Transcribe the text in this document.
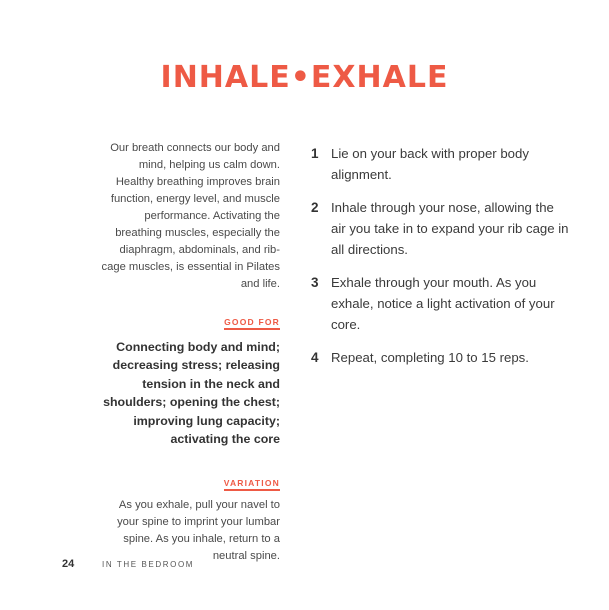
INHALE•EXHALE

Our breath connects our body and mind, helping us calm down. Healthy breathing improves brain function, energy level, and muscle performance. Activating the breathing muscles, especially the diaphragm, abdominals, and rib-cage muscles, is essential in Pilates and life.

GOOD FOR

Connecting body and mind; decreasing stress; releasing tension in the neck and shoulders; opening the chest; improving lung capacity; activating the core

VARIATION

As you exhale, pull your navel to your spine to imprint your lumbar spine. As you inhale, return to a neutral spine.

1 Lie on your back with proper body alignment.
2 Inhale through your nose, allowing the air you take in to expand your rib cage in all directions.
3 Exhale through your mouth. As you exhale, notice a light activation of your core.
4 Repeat, completing 10 to 15 reps.
24	IN THE BEDROOM
